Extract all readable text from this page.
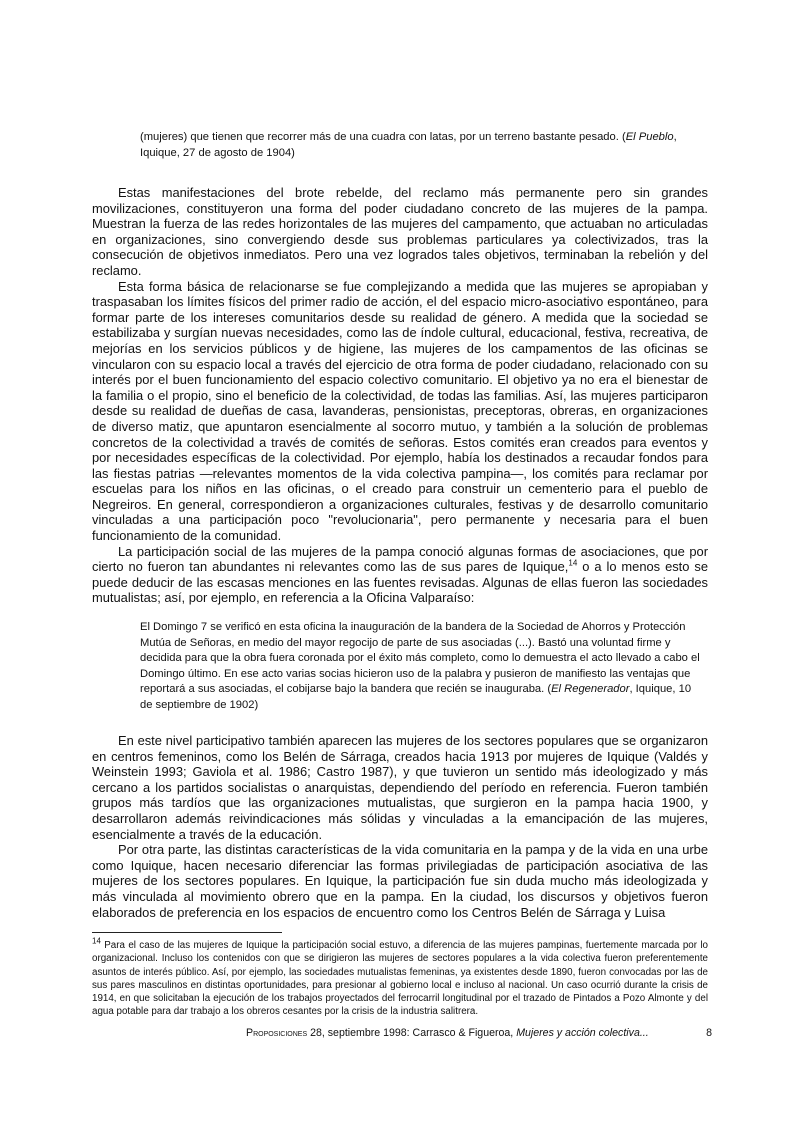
(mujeres) que tienen que recorrer más de una cuadra con latas, por un terreno bastante pesado. (El Pueblo, Iquique, 27 de agosto de 1904)

Estas manifestaciones del brote rebelde, del reclamo más permanente pero sin grandes movilizaciones, constituyeron una forma del poder ciudadano concreto de las mujeres de la pampa. Muestran la fuerza de las redes horizontales de las mujeres del campamento, que actuaban no articuladas en organizaciones, sino convergiendo desde sus problemas particulares ya colectivizados, tras la consecución de objetivos inmediatos. Pero una vez logrados tales objetivos, terminaban la rebelión y del reclamo.

Esta forma básica de relacionarse se fue complejizando a medida que las mujeres se apropiaban y traspasaban los límites físicos del primer radio de acción, el del espacio micro-asociativo espontáneo, para formar parte de los intereses comunitarios desde su realidad de género. A medida que la sociedad se estabilizaba y surgían nuevas necesidades, como las de índole cultural, educacional, festiva, recreativa, de mejorías en los servicios públicos y de higiene, las mujeres de los campamentos de las oficinas se vincularon con su espacio local a través del ejercicio de otra forma de poder ciudadano, relacionado con su interés por el buen funcionamiento del espacio colectivo comunitario. El objetivo ya no era el bienestar de la familia o el propio, sino el beneficio de la colectividad, de todas las familias. Así, las mujeres participaron desde su realidad de dueñas de casa, lavanderas, pensionistas, preceptoras, obreras, en organizaciones de diverso matiz, que apuntaron esencialmente al socorro mutuo, y también a la solución de problemas concretos de la colectividad a través de comités de señoras. Estos comités eran creados para eventos y por necesidades específicas de la colectividad. Por ejemplo, había los destinados a recaudar fondos para las fiestas patrias —relevantes momentos de la vida colectiva pampina—, los comités para reclamar por escuelas para los niños en las oficinas, o el creado para construir un cementerio para el pueblo de Negreiros. En general, correspondieron a organizaciones culturales, festivas y de desarrollo comunitario vinculadas a una participación poco "revolucionaria", pero permanente y necesaria para el buen funcionamiento de la comunidad.

La participación social de las mujeres de la pampa conoció algunas formas de asociaciones, que por cierto no fueron tan abundantes ni relevantes como las de sus pares de Iquique,$^{14}$ o a lo menos esto se puede deducir de las escasas menciones en las fuentes revisadas. Algunas de ellas fueron las sociedades mutualistas; así, por ejemplo, en referencia a la Oficina Valparaíso:

El Domingo 7 se verificó en esta oficina la inauguración de la bandera de la Sociedad de Ahorros y Protección Mutúa de Señoras, en medio del mayor regocijo de parte de sus asociadas (...). Bastó una voluntad firme y decidida para que la obra fuera coronada por el éxito más completo, como lo demuestra el acto llevado a cabo el Domingo último. En ese acto varias socias hicieron uso de la palabra y pusieron de manifiesto las ventajas que reportará a sus asociadas, el cobijarse bajo la bandera que recién se inauguraba. (El Regenerador, Iquique, 10 de septiembre de 1902)

En este nivel participativo también aparecen las mujeres de los sectores populares que se organizaron en centros femeninos, como los Belén de Sárraga, creados hacia 1913 por mujeres de Iquique (Valdés y Weinstein 1993; Gaviola et al. 1986; Castro 1987), y que tuvieron un sentido más ideologizado y más cercano a los partidos socialistas o anarquistas, dependiendo del período en referencia. Fueron también grupos más tardíos que las organizaciones mutualistas, que surgieron en la pampa hacia 1900, y desarrollaron además reivindicaciones más sólidas y vinculadas a la emancipación de las mujeres, esencialmente a través de la educación.

Por otra parte, las distintas características de la vida comunitaria en la pampa y de la vida en una urbe como Iquique, hacen necesario diferenciar las formas privilegiadas de participación asociativa de las mujeres de los sectores populares. En Iquique, la participación fue sin duda mucho más ideologizada y más vinculada al movimiento obrero que en la pampa. En la ciudad, los discursos y objetivos fueron elaborados de preferencia en los espacios de encuentro como los Centros Belén de Sárraga y Luisa

$^{14}$ Para el caso de las mujeres de Iquique la participación social estuvo, a diferencia de las mujeres pampinas, fuertemente marcada por lo organizacional. Incluso los contenidos con que se dirigieron las mujeres de sectores populares a la vida colectiva fueron preferentemente asuntos de interés público. Así, por ejemplo, las sociedades mutualistas femeninas, ya existentes desde 1890, fueron convocadas por las de sus pares masculinos en distintas oportunidades, para presionar al gobierno local e incluso al nacional. Un caso ocurrió durante la crisis de 1914, en que solicitaban la ejecución de los trabajos proyectados del ferrocarril longitudinal por el trazado de Pintados a Pozo Almonte y del agua potable para dar trabajo a los obreros cesantes por la crisis de la industria salitrera.

Proposiciones 28, septiembre 1998: Carrasco & Figueroa, Mujeres y acción colectiva...	8
